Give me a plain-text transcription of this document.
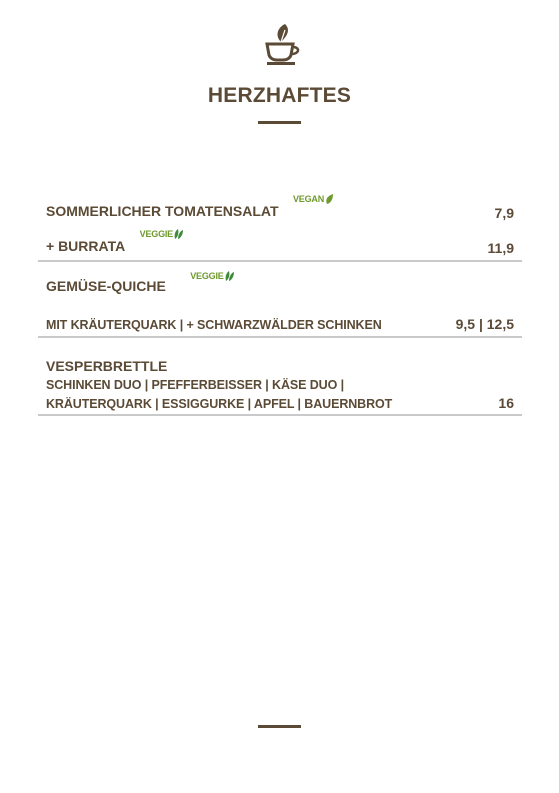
HERZHAFTES
SOMMERLICHER TOMATENSALAT
VEGAN
7,9
+ BURRATA
VEGGIE
11,9
GEMÜSE-QUICHE
VEGGIE
MIT KRÄUTERQUARK | + SCHWARZWÄLDER SCHINKEN	9,5 | 12,5
VESPERBRETTLE
SCHINKEN DUO | PFEFFERBEISSER | KÄSE DUO |
KRÄUTERQUARK | ESSIGGURKE | APFEL | BAUERNBROT	16
